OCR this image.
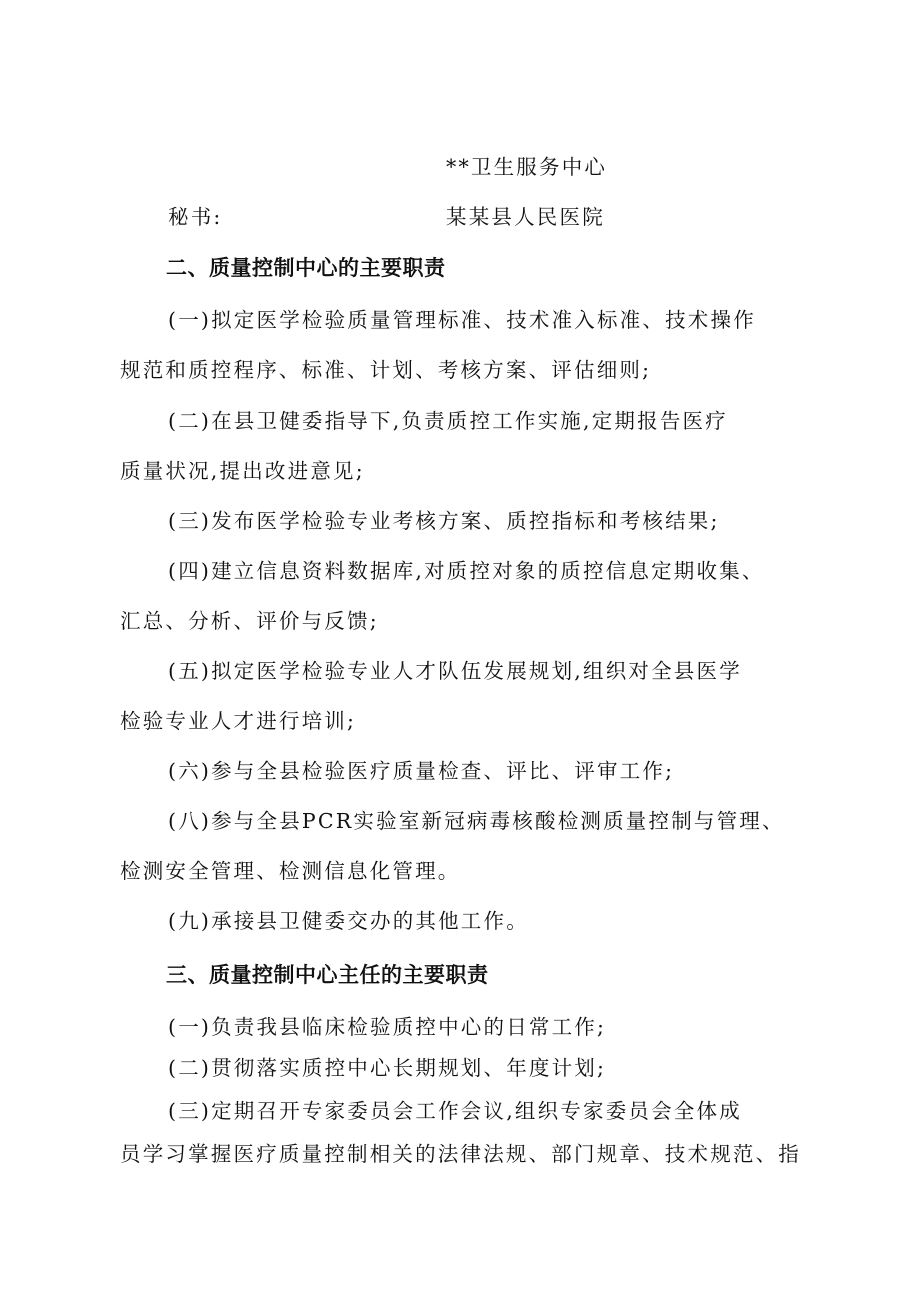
**卫生服务中心
秘书:	某某县人民医院
二、质量控制中心的主要职责
(一)拟定医学检验质量管理标准、技术准入标准、技术操作
规范和质控程序、标准、计划、考核方案、评估细则;
(二)在县卫健委指导下,负责质控工作实施,定期报告医疗
质量状况,提出改进意见;
(三)发布医学检验专业考核方案、质控指标和考核结果;
(四)建立信息资料数据库,对质控对象的质控信息定期收集、
汇总、分析、评价与反馈;
(五)拟定医学检验专业人才队伍发展规划,组织对全县医学
检验专业人才进行培训;
(六)参与全县检验医疗质量检查、评比、评审工作;
(八)参与全县PCR实验室新冠病毒核酸检测质量控制与管理、
检测安全管理、检测信息化管理。
(九)承接县卫健委交办的其他工作。
三、质量控制中心主任的主要职责
(一)负责我县临床检验质控中心的日常工作;
(二)贯彻落实质控中心长期规划、年度计划;
(三)定期召开专家委员会工作会议,组织专家委员会全体成
员学习掌握医疗质量控制相关的法律法规、部门规章、技术规范、指
